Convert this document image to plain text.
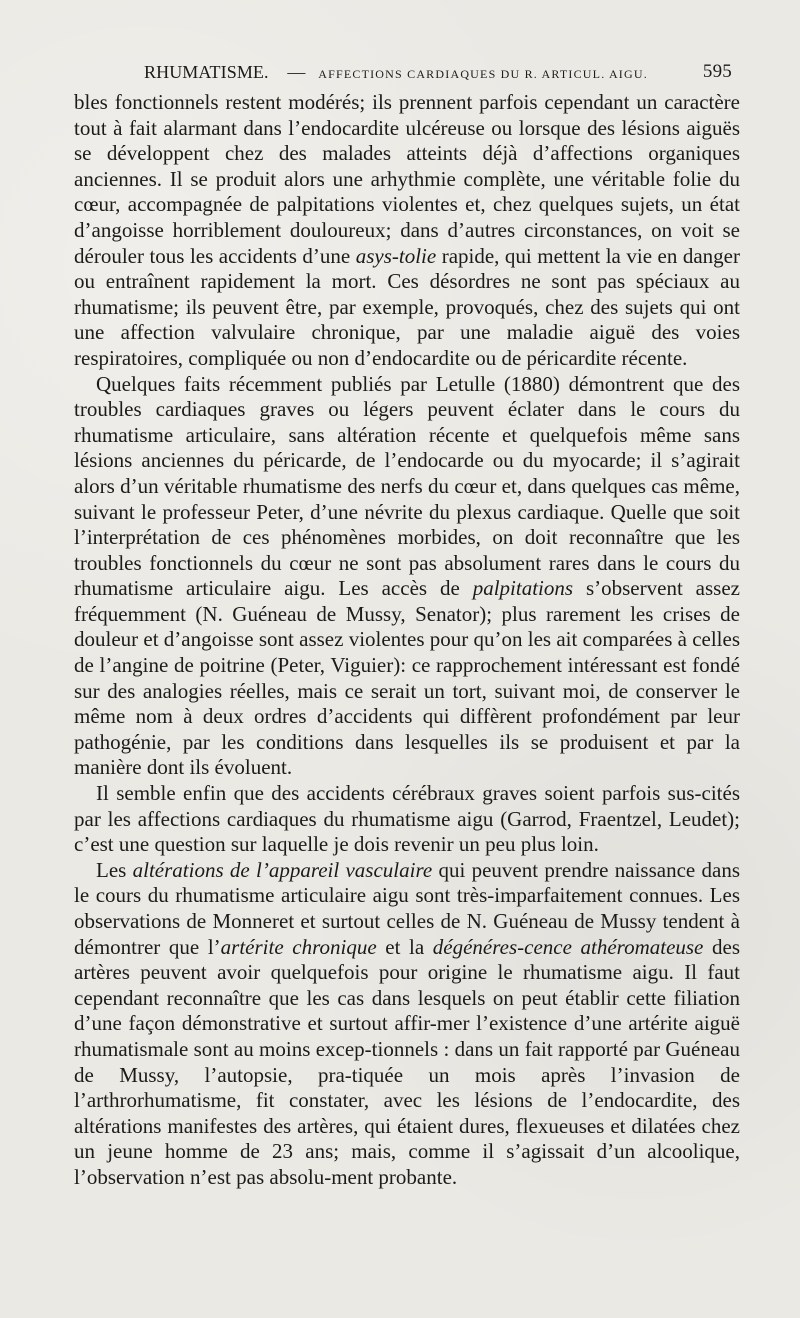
RHUMATISME. — AFFECTIONS CARDIAQUES DU R. ARTICUL. AIGU.	595

bles fonctionnels restent modérés; ils prennent parfois cependant un caractère tout à fait alarmant dans l’endocardite ulcéreuse ou lorsque des lésions aiguës se développent chez des malades atteints déjà d’affections organiques anciennes. Il se produit alors une arhythmie complète, une véritable folie du cœur, accompagnée de palpitations violentes et, chez quelques sujets, un état d’angoisse horriblement douloureux; dans d’autres circonstances, on voit se dérouler tous les accidents d’une asys-tolie rapide, qui mettent la vie en danger ou entraînent rapidement la mort. Ces désordres ne sont pas spéciaux au rhumatisme; ils peuvent être, par exemple, provoqués, chez des sujets qui ont une affection valvulaire chronique, par une maladie aiguë des voies respiratoires, compliquée ou non d’endocardite ou de péricardite récente.

Quelques faits récemment publiés par Letulle (1880) démontrent que des troubles cardiaques graves ou légers peuvent éclater dans le cours du rhumatisme articulaire, sans altération récente et quelquefois même sans lésions anciennes du péricarde, de l’endocarde ou du myocarde; il s’agirait alors d’un véritable rhumatisme des nerfs du cœur et, dans quelques cas même, suivant le professeur Peter, d’une névrite du plexus cardiaque. Quelle que soit l’interprétation de ces phénomènes morbides, on doit reconnaître que les troubles fonctionnels du cœur ne sont pas absolument rares dans le cours du rhumatisme articulaire aigu. Les accès de palpitations s’observent assez fréquemment (N. Guéneau de Mussy, Senator); plus rarement les crises de douleur et d’angoisse sont assez violentes pour qu’on les ait comparées à celles de l’angine de poitrine (Peter, Viguier): ce rapprochement intéressant est fondé sur des analogies réelles, mais ce serait un tort, suivant moi, de conserver le même nom à deux ordres d’accidents qui diffèrent profondément par leur pathogénie, par les conditions dans lesquelles ils se produisent et par la manière dont ils évoluent.

Il semble enfin que des accidents cérébraux graves soient parfois sus-cités par les affections cardiaques du rhumatisme aigu (Garrod, Fraentzel, Leudet); c’est une question sur laquelle je dois revenir un peu plus loin.

Les altérations de l’appareil vasculaire qui peuvent prendre naissance dans le cours du rhumatisme articulaire aigu sont très-imparfaitement connues. Les observations de Monneret et surtout celles de N. Guéneau de Mussy tendent à démontrer que l’artérite chronique et la dégénéres-cence athéromateuse des artères peuvent avoir quelquefois pour origine le rhumatisme aigu. Il faut cependant reconnaître que les cas dans lesquels on peut établir cette filiation d’une façon démonstrative et surtout affir-mer l’existence d’une artérite aiguë rhumatismale sont au moins excep-tionnels : dans un fait rapporté par Guéneau de Mussy, l’autopsie, pra-tiquée un mois après l’invasion de l’arthrorhumatisme, fit constater, avec les lésions de l’endocardite, des altérations manifestes des artères, qui étaient dures, flexueuses et dilatées chez un jeune homme de 23 ans; mais, comme il s’agissait d’un alcoolique, l’observation n’est pas absolu-ment probante.
